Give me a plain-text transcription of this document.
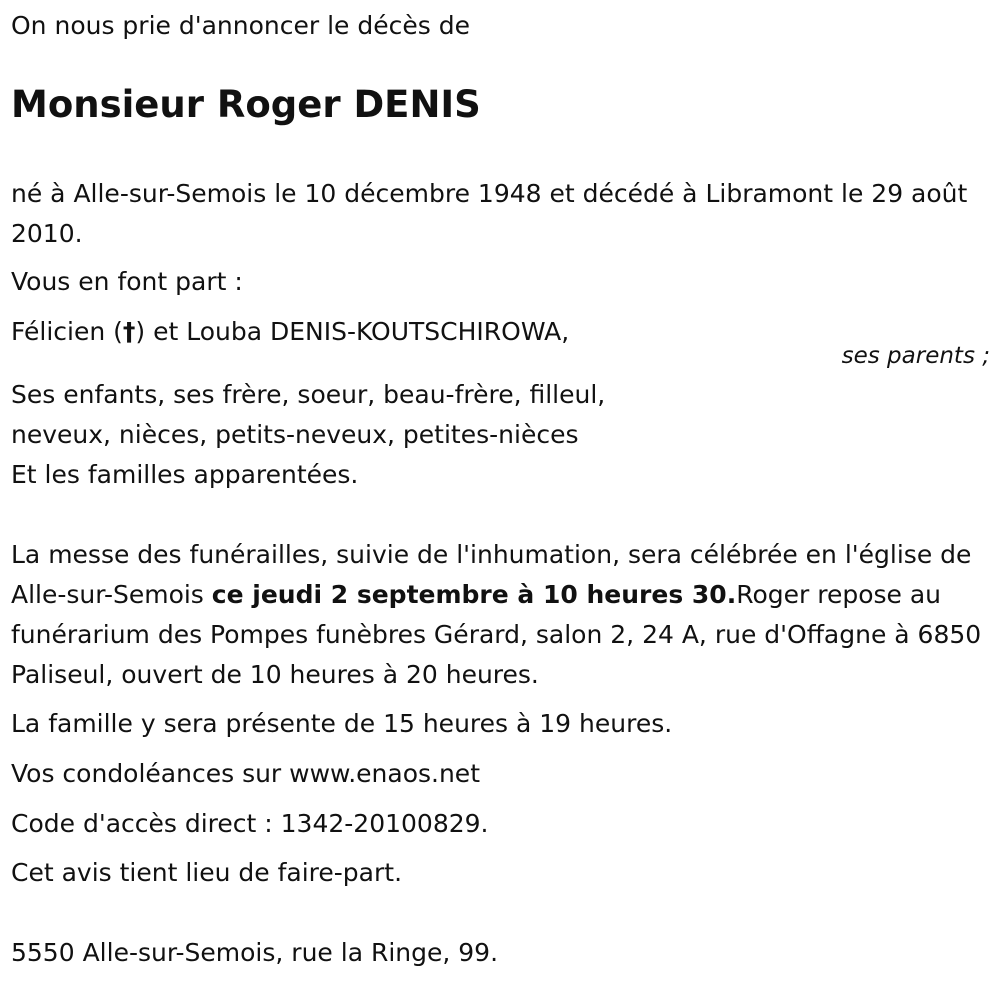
On nous prie d'annoncer le décès de
Monsieur Roger DENIS
né à Alle-sur-Semois le 10 décembre 1948 et décédé à Libramont le 29 août 2010.
Vous en font part :
Félicien (†) et Louba DENIS-KOUTSCHIROWA,
ses parents ;
Ses enfants, ses frère, soeur, beau-frère, filleul,
neveux, nièces, petits-neveux, petites-nièces
Et les familles apparentées.
La messe des funérailles, suivie de l'inhumation, sera célébrée en l'église de Alle-sur-Semois ce jeudi 2 septembre à 10 heures 30.Roger repose au funérarium des Pompes funèbres Gérard, salon 2, 24 A, rue d'Offagne à 6850 Paliseul, ouvert de 10 heures à 20 heures.
La famille y sera présente de 15 heures à 19 heures.
Vos condoléances sur www.enaos.net
Code d'accès direct : 1342-20100829.
Cet avis tient lieu de faire-part.
5550 Alle-sur-Semois, rue la Ringe, 99.
